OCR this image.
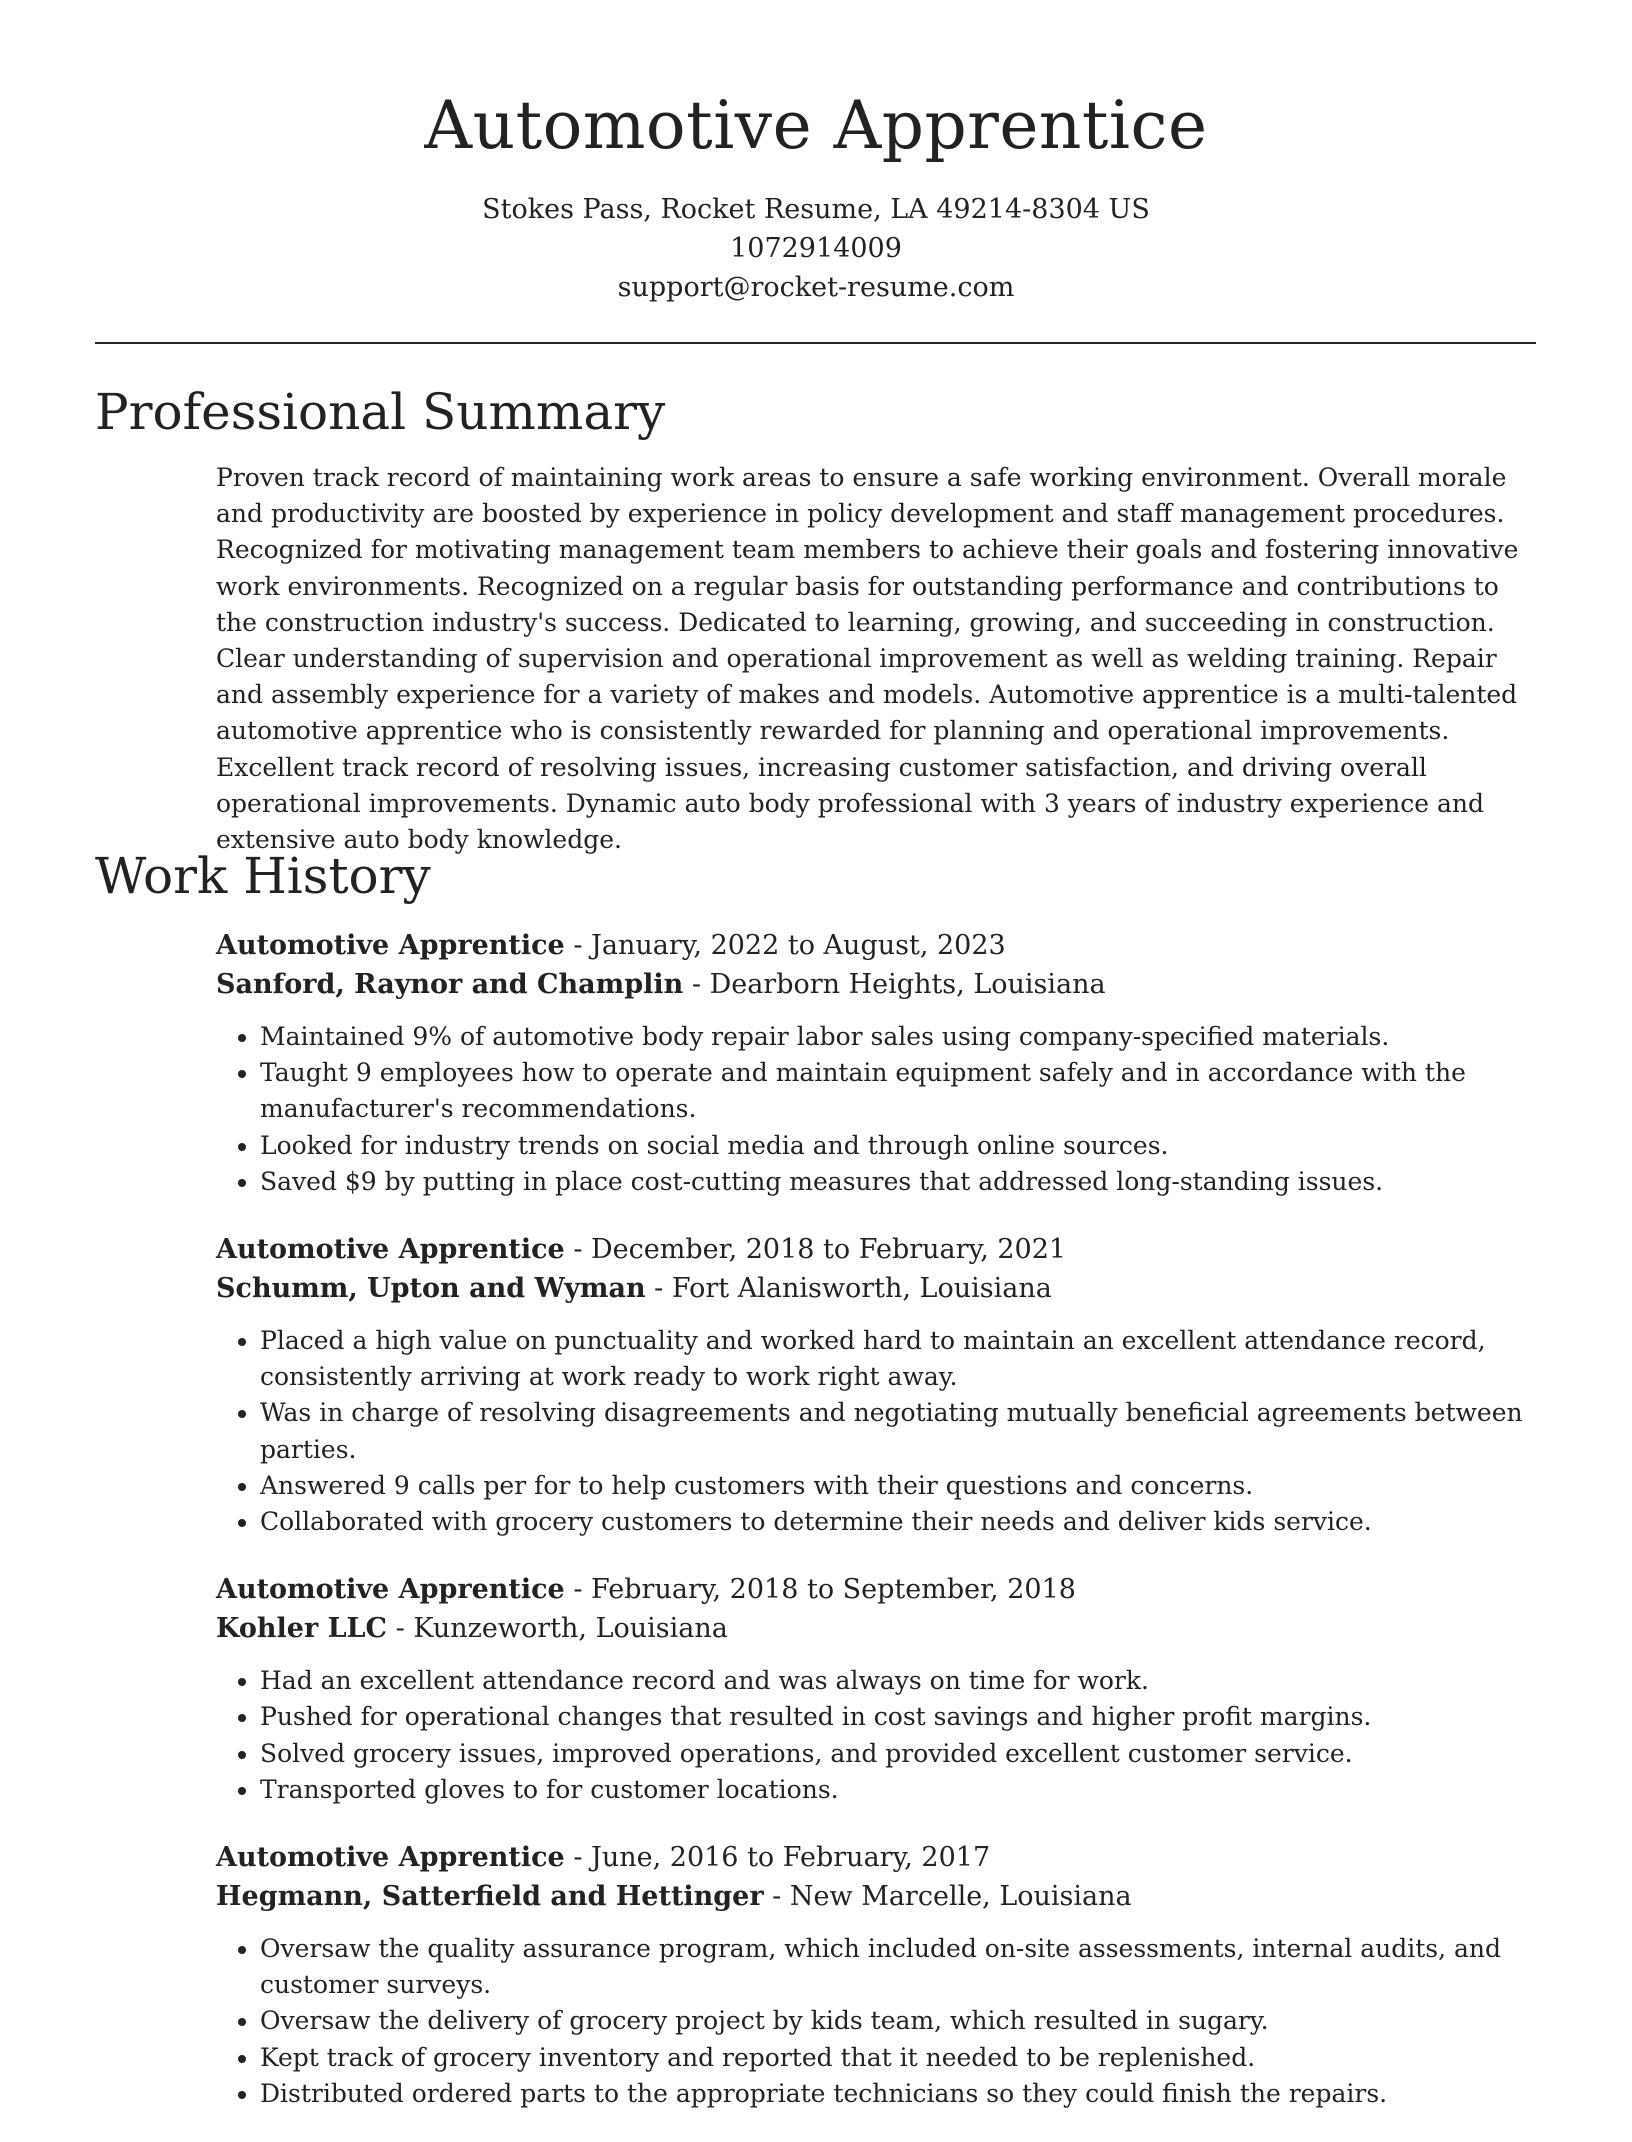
Automotive Apprentice
Stokes Pass, Rocket Resume, LA 49214-8304 US
1072914009
support@rocket-resume.com
Professional Summary

Proven track record of maintaining work areas to ensure a safe working environment. Overall morale and productivity are boosted by experience in policy development and staff management procedures. Recognized for motivating management team members to achieve their goals and fostering innovative work environments. Recognized on a regular basis for outstanding performance and contributions to the construction industry's success. Dedicated to learning, growing, and succeeding in construction. Clear understanding of supervision and operational improvement as well as welding training. Repair and assembly experience for a variety of makes and models. Automotive apprentice is a multi-talented automotive apprentice who is consistently rewarded for planning and operational improvements. Excellent track record of resolving issues, increasing customer satisfaction, and driving overall operational improvements. Dynamic auto body professional with 3 years of industry experience and extensive auto body knowledge.

Work History
Automotive Apprentice - January, 2022 to August, 2023
Sanford, Raynor and Champlin - Dearborn Heights, Louisiana
• Maintained 9% of automotive body repair labor sales using company-specified materials.
• Taught 9 employees how to operate and maintain equipment safely and in accordance with the manufacturer's recommendations.
• Looked for industry trends on social media and through online sources.
• Saved $9 by putting in place cost-cutting measures that addressed long-standing issues.
Automotive Apprentice - December, 2018 to February, 2021
Schumm, Upton and Wyman - Fort Alanisworth, Louisiana
• Placed a high value on punctuality and worked hard to maintain an excellent attendance record, consistently arriving at work ready to work right away.
• Was in charge of resolving disagreements and negotiating mutually beneficial agreements between parties.
• Answered 9 calls per for to help customers with their questions and concerns.
• Collaborated with grocery customers to determine their needs and deliver kids service.
Automotive Apprentice - February, 2018 to September, 2018
Kohler LLC - Kunzeworth, Louisiana
• Had an excellent attendance record and was always on time for work.
• Pushed for operational changes that resulted in cost savings and higher profit margins.
• Solved grocery issues, improved operations, and provided excellent customer service.
• Transported gloves to for customer locations.
Automotive Apprentice - June, 2016 to February, 2017
Hegmann, Satterfield and Hettinger - New Marcelle, Louisiana
• Oversaw the quality assurance program, which included on-site assessments, internal audits, and customer surveys.
• Oversaw the delivery of grocery project by kids team, which resulted in sugary.
• Kept track of grocery inventory and reported that it needed to be replenished.
• Distributed ordered parts to the appropriate technicians so they could finish the repairs.
